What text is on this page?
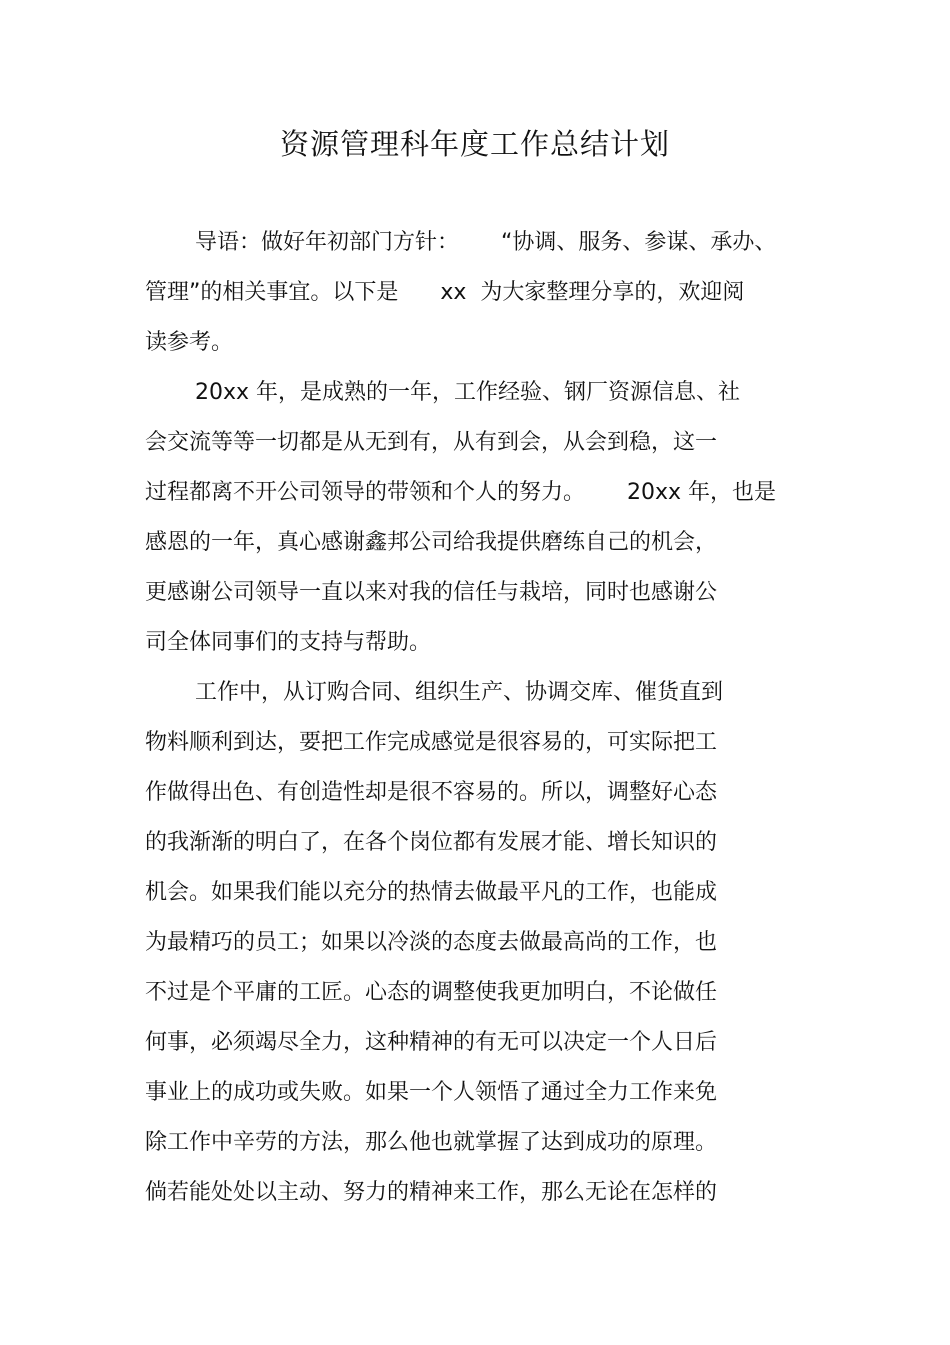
资源管理科年度工作总结计划
导语：做好年初部门方针：      “协调、服务、参谋、承办、
管理”的相关事宜。以下是      xx  为大家整理分享的，欢迎阅
读参考。
20xx 年，是成熟的一年，工作经验、钢厂资源信息、社
会交流等等一切都是从无到有，从有到会，从会到稳，这一
过程都离不开公司领导的带领和个人的努力。      20xx 年，也是
感恩的一年，真心感谢鑫邦公司给我提供磨练自己的机会，
更感谢公司领导一直以来对我的信任与栽培，同时也感谢公
司全体同事们的支持与帮助。
工作中，从订购合同、组织生产、协调交库、催货直到
物料顺利到达，要把工作完成感觉是很容易的，可实际把工
作做得出色、有创造性却是很不容易的。所以，调整好心态
的我渐渐的明白了，在各个岗位都有发展才能、增长知识的
机会。如果我们能以充分的热情去做最平凡的工作，也能成
为最精巧的员工；如果以冷淡的态度去做最高尚的工作，也
不过是个平庸的工匠。心态的调整使我更加明白，不论做任
何事，必须竭尽全力，这种精神的有无可以决定一个人日后
事业上的成功或失败。如果一个人领悟了通过全力工作来免
除工作中辛劳的方法，那么他也就掌握了达到成功的原理。
倘若能处处以主动、努力的精神来工作，那么无论在怎样的
